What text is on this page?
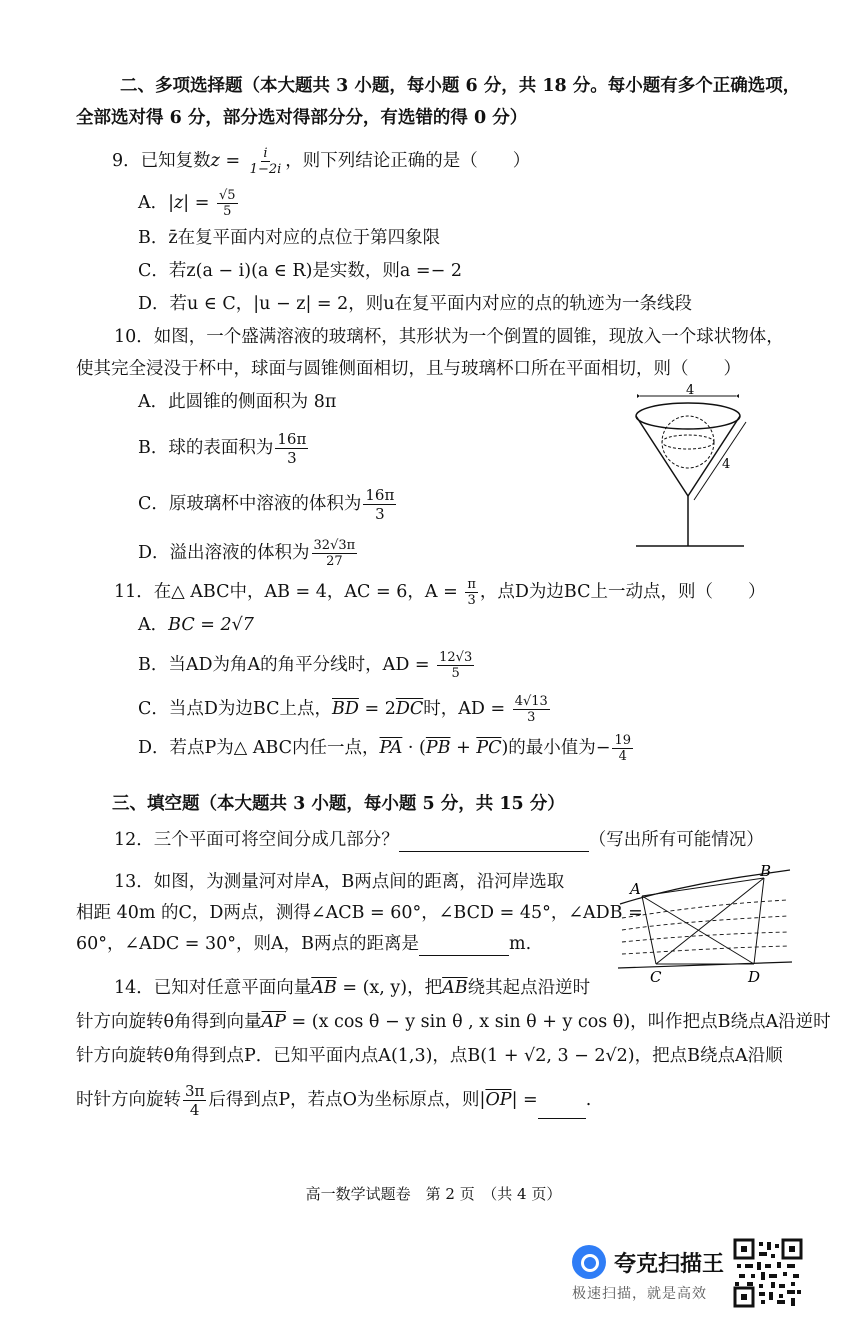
二、多项选择题（本大题共 3 小题，每小题 6 分，共 18 分。每小题有多个正确选项，
全部选对得 6 分，部分选对得部分分，有选错的得 0 分）
9．已知复数$z = \frac{i}{1-2i}$ ，则下列结论正确的是（　　）
A．$|z| = \frac{√5}{5}$
B．z̄在复平面内对应的点位于第四象限
C．若z(a − i)(a ∈ R)是实数，则a =− 2
D．若u ∈ C，|u − z| = 2，则u在复平面内对应的点的轨迹为一条线段
10．如图，一个盛满溶液的玻璃杯，其形状为一个倒置的圆锥，现放入一个球状物体，
使其完全浸没于杯中，球面与圆锥侧面相切，且与玻璃杯口所在平面相切，则（　　）
A．此圆锥的侧面积为 8π
B．球的表面积为 $\frac{16\pi}{3}$
C．原玻璃杯中溶液的体积为 $\frac{16\pi}{3}$
D．溢出溶液的体积为 $\frac{32√3\pi}{27}$
4
4
11．在△ ABC中，AB = 4，AC = 6，$A = \frac{\pi}{3}$ ，点D为边BC上一动点，则（　　）
A．BC = 2√7
B．当AD为角A的角平分线时，AD = $\frac{12√3}{5}$
C．当点D为边BC上点，$\overline{BD} = 2\overline{DC}$时，AD = $\frac{4√13}{3}$
D．若点P为△ ABC内任一点，$\overline{PA} \cdot (\overline{PB} + \overline{PC})$的最小值为− $\frac{19}{4}$
三、填空题（本大题共 3 小题，每小题 5 分，共 15 分）
12．三个平面可将空间分成几部分？	（写出所有可能情况）
13．如图，为测量河对岸A，B两点间的距离，沿河岸选取
相距 40m 的C，D两点，测得∠ACB = 60°，∠BCD = 45°，∠ADB =
60°，∠ADC = 30°，则A，B两点的距离是	m.
A
B
C	D
14．已知对任意平面向量$\overline{AB} = (x$, y)，把$\overline{AB}$绕其起点沿逆时
针方向旋转θ角得到向量$\overline{AP} = (x$ cos θ − y sin θ , x sin θ + y cos θ)，叫作把点B绕点A沿逆时
针方向旋转θ角得到点P．已知平面内点A(1,3)，点B(1 + √2, 3 − 2√2)，把点B绕点A沿顺
时针方向旋转 $\frac{3\pi}{4}$ 后得到点P，若点O为坐标原点，则$|\overline{OP}|$ =	.
高一数学试题卷　第 2 页　（共 4 页）
夸克扫描王
极速扫描，就是高效
